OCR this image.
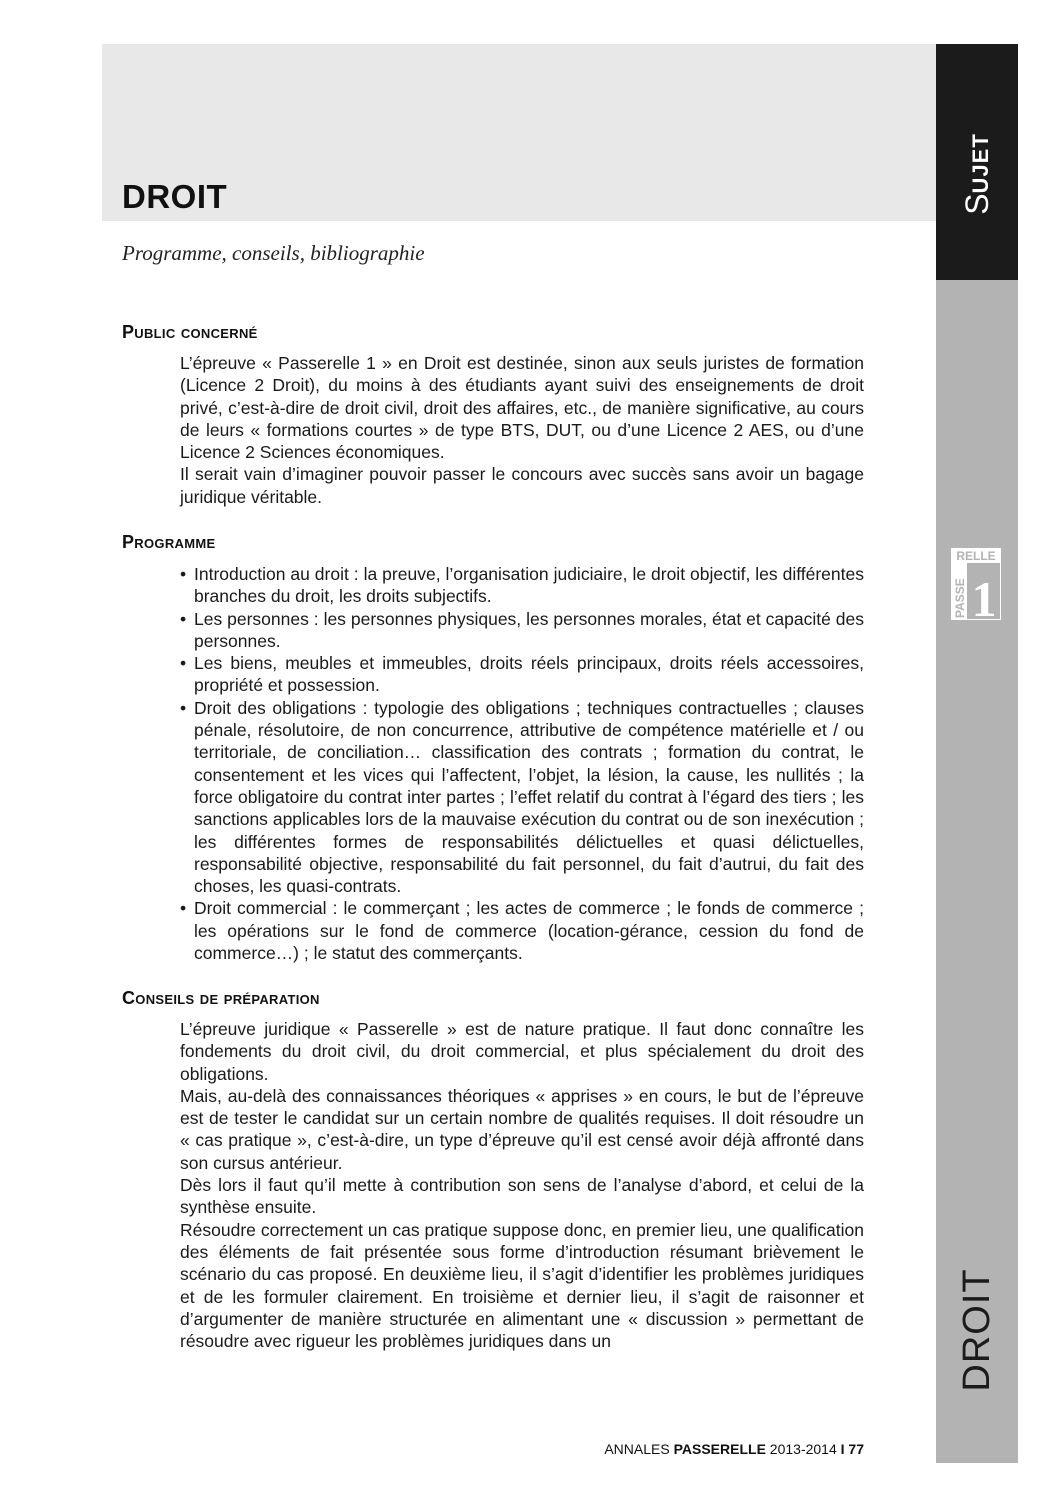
DROIT

Programme, conseils, bibliographie

SUJET
RELLE
PASSE 1
DROIT
Public concerné

L’épreuve « Passerelle 1 » en Droit est destinée, sinon aux seuls juristes de formation (Licence 2 Droit), du moins à des étudiants ayant suivi des enseignements de droit privé, c’est-à-dire de droit civil, droit des affaires, etc., de manière significative, au cours de leurs « formations courtes » de type BTS, DUT, ou d’une Licence 2 AES, ou d’une Licence 2 Sciences économiques.

Il serait vain d’imaginer pouvoir passer le concours avec succès sans avoir un bagage juridique véritable.

Programme
• Introduction au droit : la preuve, l’organisation judiciaire, le droit objectif, les différentes branches du droit, les droits subjectifs.
• Les personnes : les personnes physiques, les personnes morales, état et capacité des personnes.
• Les biens, meubles et immeubles, droits réels principaux, droits réels accessoires, propriété et possession.
• Droit des obligations : typologie des obligations ; techniques contractuelles ; clauses pénale, résolutoire, de non concurrence, attributive de compétence matérielle et / ou territoriale, de conciliation… classification des contrats ; formation du contrat, le consentement et les vices qui l’affectent, l’objet, la lésion, la cause, les nullités ; la force obligatoire du contrat inter partes ; l’effet relatif du contrat à l’égard des tiers ; les sanctions applicables lors de la mauvaise exécution du contrat ou de son inexécution ; les différentes formes de responsabilités délictuelles et quasi délictuelles, responsabilité objective, responsabilité du fait personnel, du fait d’autrui, du fait des choses, les quasi-contrats.
• Droit commercial : le commerçant ; les actes de commerce ; le fonds de commerce ; les opérations sur le fond de commerce (location-gérance, cession du fond de commerce…) ; le statut des commerçants.
Conseils de préparation

L’épreuve juridique « Passerelle » est de nature pratique. Il faut donc connaître les fondements du droit civil, du droit commercial, et plus spécialement du droit des obligations.

Mais, au-delà des connaissances théoriques « apprises » en cours, le but de l’épreuve est de tester le candidat sur un certain nombre de qualités requises. Il doit résoudre un « cas pratique », c’est-à-dire, un type d’épreuve qu’il est censé avoir déjà affronté dans son cursus antérieur.

Dès lors il faut qu’il mette à contribution son sens de l’analyse d’abord, et celui de la synthèse ensuite.

Résoudre correctement un cas pratique suppose donc, en premier lieu, une qualification des éléments de fait présentée sous forme d’introduction résumant brièvement le scénario du cas proposé. En deuxième lieu, il s’agit d’identifier les problèmes juridiques et de les formuler clairement. En troisième et dernier lieu, il s’agit de raisonner et d’argumenter de manière structurée en alimentant une « discussion » permettant de résoudre avec rigueur les problèmes juridiques dans un

ANNALES PASSERELLE 2013-2014 I 77
